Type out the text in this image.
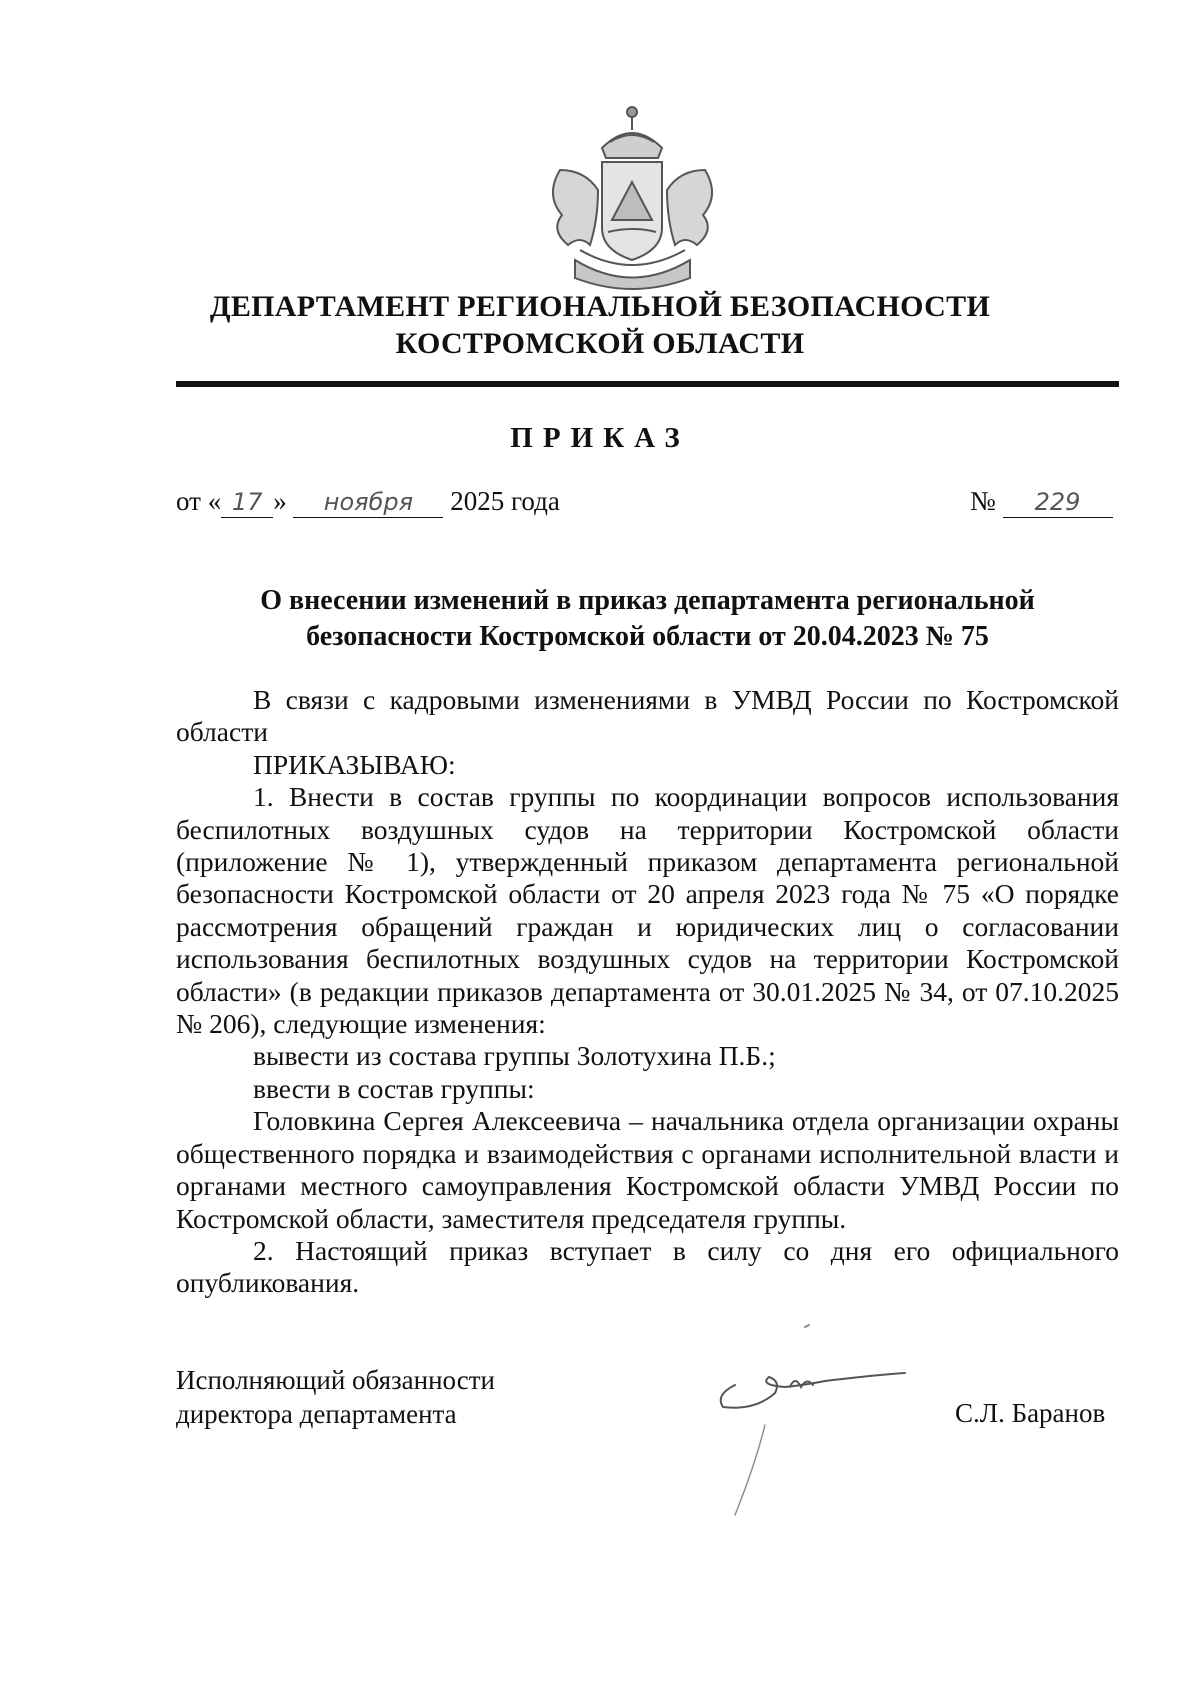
ДЕПАРТАМЕНТ РЕГИОНАЛЬНОЙ БЕЗОПАСНОСТИ
КОСТРОМСКОЙ ОБЛАСТИ
ПРИКАЗ
от « 17 » ноября 2025 года	№ 229
О внесении изменений в приказ департамента региональной
безопасности Костромской области от 20.04.2023 № 75

В связи с кадровыми изменениями в УМВД России по Костромской области

ПРИКАЗЫВАЮ:

1. Внести в состав группы по координации вопросов использования беспилотных воздушных судов на территории Костромской области (приложение № 1), утвержденный приказом департамента региональной безопасности Костромской области от 20 апреля 2023 года № 75 «О порядке рассмотрения обращений граждан и юридических лиц о согласовании использования беспилотных воздушных судов на территории Костромской области» (в редакции приказов департамента от 30.01.2025 № 34, от 07.10.2025 № 206), следующие изменения:

вывести из состава группы Золотухина П.Б.;

ввести в состав группы:

Головкина Сергея Алексеевича – начальника отдела организации охраны общественного порядка и взаимодействия с органами исполнительной власти и органами местного самоуправления Костромской области УМВД России по Костромской области, заместителя председателя группы.

2. Настоящий приказ вступает в силу со дня его официального опубликования.

Исполняющий обязанности
директора департамента	С.Л. Баранов
